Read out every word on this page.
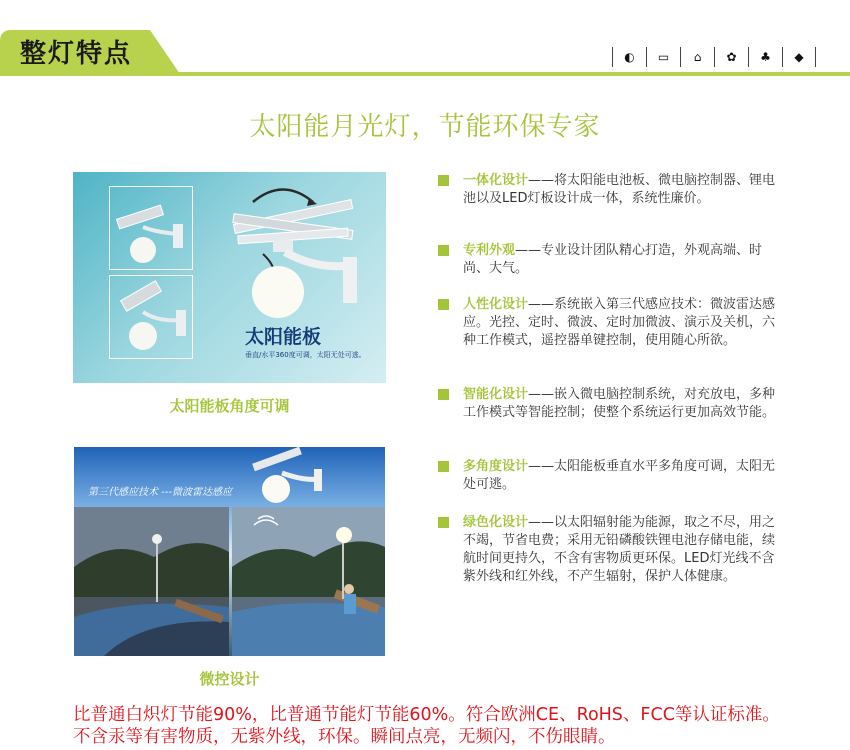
整灯特点	◐	▭	⌂	✿	♣	◆
太阳能月光灯，节能环保专家
太阳能板
垂直/水平360度可调，太阳无处可逃。
太阳能板角度可调
第三代感应技术 ---微波雷达感应
微控设计
一体化设计——将太阳能电池板、微电脑控制器、锂电池以及LED灯板设计成一体，系统性廉价。
专利外观——专业设计团队精心打造，外观高端、时尚、大气。
人性化设计——系统嵌入第三代感应技术：微波雷达感应。光控、定时、微波、定时加微波、演示及关机，六种工作模式，遥控器单键控制，使用随心所欲。
智能化设计——嵌入微电脑控制系统，对充放电，多种工作模式等智能控制；使整个系统运行更加高效节能。
多角度设计——太阳能板垂直水平多角度可调，太阳无处可逃。
绿色化设计——以太阳辐射能为能源，取之不尽，用之不竭，节省电费；采用无铅磷酸铁锂电池存储电能，续航时间更持久，不含有害物质更环保。LED灯光线不含紫外线和红外线，不产生辐射，保护人体健康。
比普通白炽灯节能90%，比普通节能灯节能60%。符合欧洲CE、RoHS、FCC等认证标准。不含汞等有害物质，无紫外线，环保。瞬间点亮，无频闪，不伤眼睛。
